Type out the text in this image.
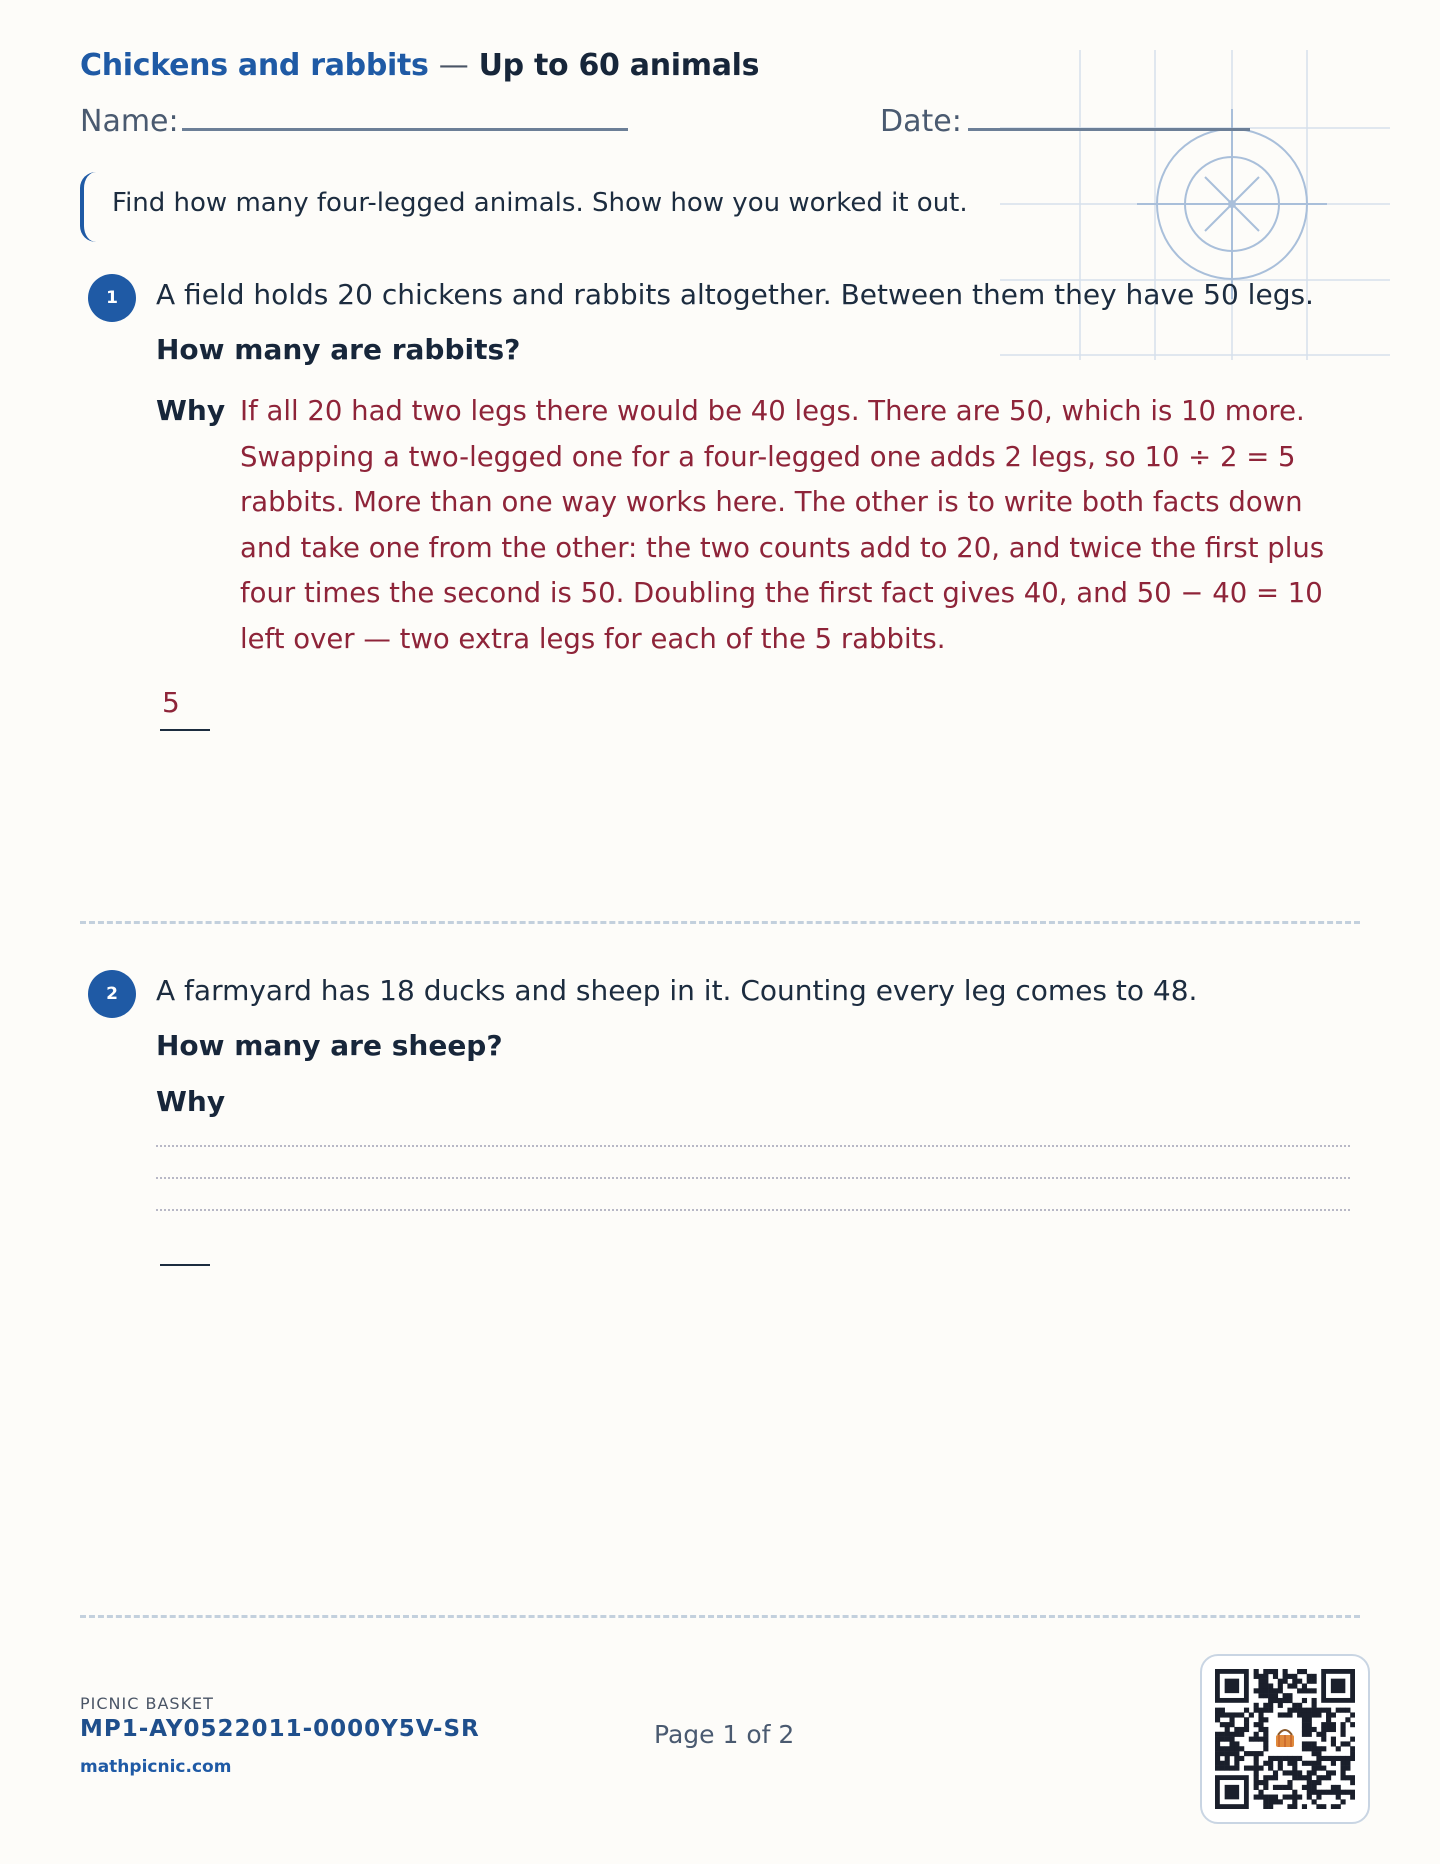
Chickens and rabbits — Up to 60 animals
Name:	Date:
Find how many four-legged animals. Show how you worked it out.
1	A field holds 20 chickens and rabbits altogether. Between them they have 50 legs.
How many are rabbits?
Why If all 20 had two legs there would be 40 legs. There are 50, which is 10 more. Swapping a two-legged one for a four-legged one adds 2 legs, so 10 ÷ 2 = 5 rabbits. More than one way works here. The other is to write both facts down and take one from the other: the two counts add to 20, and twice the first plus four times the second is 50. Doubling the first fact gives 40, and 50 − 40 = 10 left over — two extra legs for each of the 5 rabbits.
5
2	A farmyard has 18 ducks and sheep in it. Counting every leg comes to 48.
How many are sheep?
Why
PICNIC BASKET
MP1-AY0522011-0000Y5V-SR
mathpicnic.com
Page 1 of 2
